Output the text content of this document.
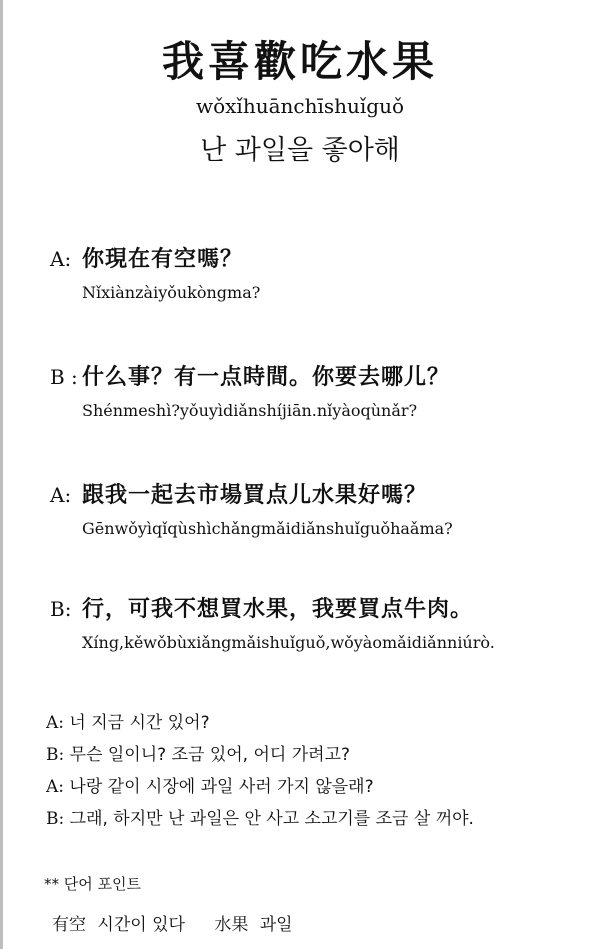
我喜歡吃水果
wǒxǐhuānchīshuǐguǒ
난 과일을 좋아해
A: 你現在有空嗎？
Nǐxiànzàiyǒukòngma?
B : 什么事？有一点時間。你要去哪儿？
Shénmeshì?yǒuyìdiǎnshíjiān.nǐyàoqùnǎr?
A: 跟我一起去市場買点儿水果好嗎？
Gēnwǒyìqǐqùshìchǎngmǎidiǎnshuǐguǒhaǎma?
B: 行，可我不想買水果，我要買点牛肉。
Xíng,kěwǒbùxiǎngmǎishuǐguǒ,wǒyàomǎidiǎnniúrò.
A: 너 지금 시간 있어?
B: 무슨 일이니? 조금 있어, 어디 가려고?
A: 나랑 같이 시장에 과일 사러 가지 않을래?
B: 그래, 하지만 난 과일은 안 사고 소고기를 조금 살 꺼야.
** 단어 포인트
有空 시간이 있다 水果 과일
